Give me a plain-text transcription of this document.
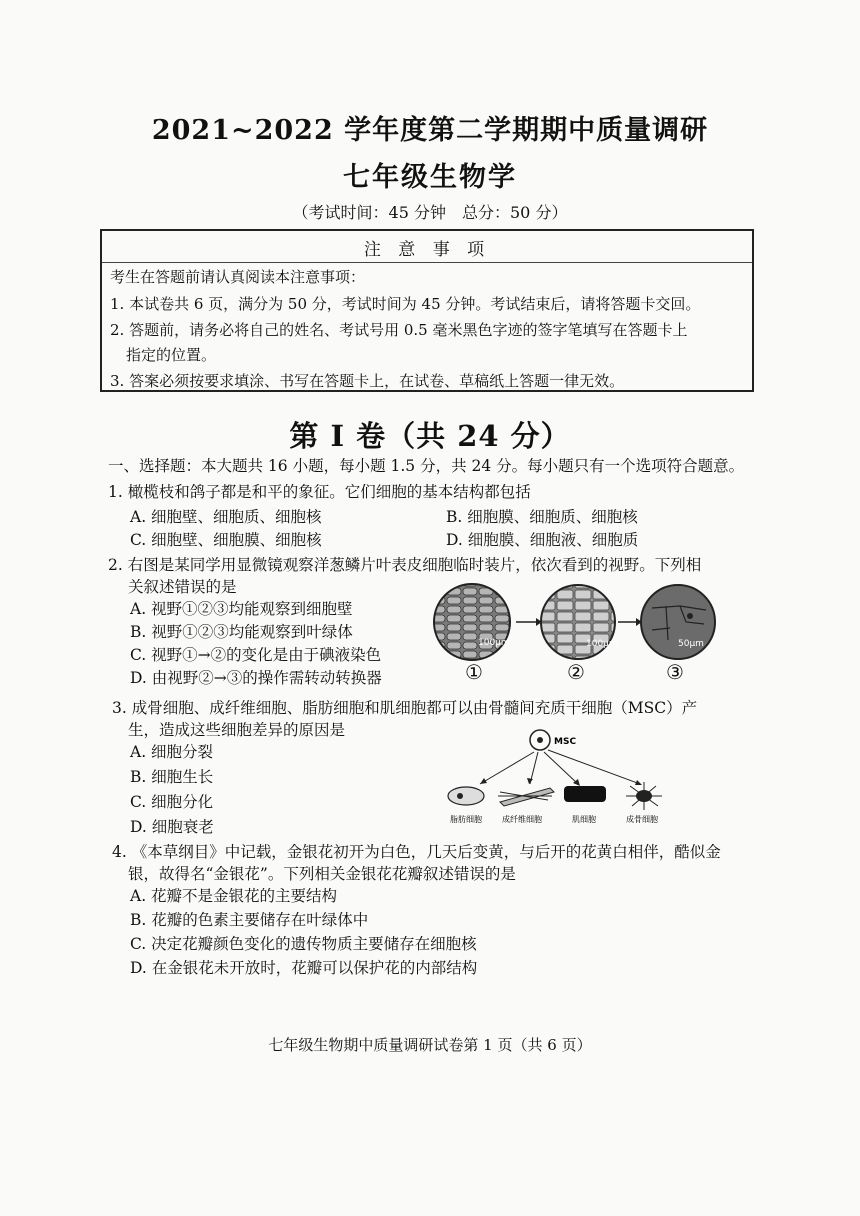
2021~2022 学年度第二学期期中质量调研
七年级生物学
（考试时间：45 分钟　总分：50 分）
注 意 事 项
考生在答题前请认真阅读本注意事项：
1. 本试卷共 6 页，满分为 50 分，考试时间为 45 分钟。考试结束后，请将答题卡交回。
2. 答题前，请务必将自己的姓名、考试号用 0.5 毫米黑色字迹的签字笔填写在答题卡上
指定的位置。
3. 答案必须按要求填涂、书写在答题卡上，在试卷、草稿纸上答题一律无效。
第 I 卷（共 24 分）
一、选择题：本大题共 16 小题，每小题 1.5 分，共 24 分。每小题只有一个选项符合题意。
1. 橄榄枝和鸽子都是和平的象征。它们细胞的基本结构都包括
A. 细胞壁、细胞质、细胞核	B. 细胞膜、细胞质、细胞核
C. 细胞壁、细胞膜、细胞核	D. 细胞膜、细胞液、细胞质
2. 右图是某同学用显微镜观察洋葱鳞片叶表皮细胞临时装片，依次看到的视野。下列相
关叙述错误的是
A. 视野①②③均能观察到细胞壁
B. 视野①②③均能观察到叶绿体
C. 视野①→②的变化是由于碘液染色
D. 由视野②→③的操作需转动转换器
100μm	100μm	50μm
①	②	③
3. 成骨细胞、成纤维细胞、脂肪细胞和肌细胞都可以由骨髓间充质干细胞（MSC）产
生，造成这些细胞差异的原因是
A. 细胞分裂
B. 细胞生长
C. 细胞分化
D. 细胞衰老
MSC
脂肪细胞	成纤维细胞	肌细胞	成骨细胞
4. 《本草纲目》中记载，金银花初开为白色，几天后变黄，与后开的花黄白相伴，酷似金
银，故得名“金银花”。下列相关金银花花瓣叙述错误的是
A. 花瓣不是金银花的主要结构
B. 花瓣的色素主要储存在叶绿体中
C. 决定花瓣颜色变化的遗传物质主要储存在细胞核
D. 在金银花未开放时，花瓣可以保护花的内部结构
七年级生物期中质量调研试卷第 1 页（共 6 页）
